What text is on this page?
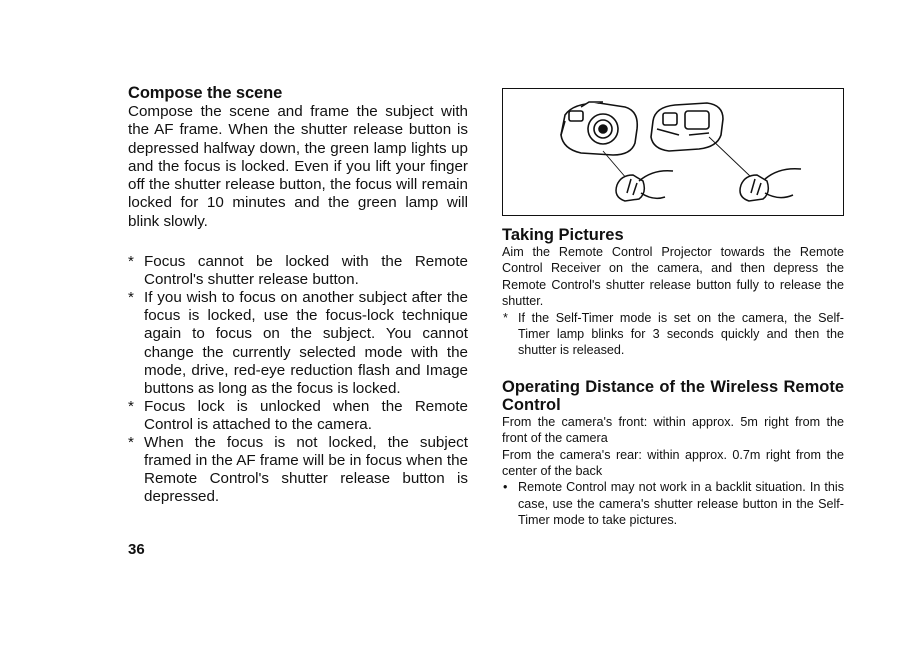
Compose the scene

Compose the scene and frame the subject with the AF frame. When the shutter release button is depressed halfway down, the green lamp lights up and the focus is locked. Even if you lift your finger off the shutter release button, the focus will remain locked for 10 minutes and the green lamp will blink slowly.

* Focus cannot be locked with the Remote Control's shutter release button.
* If you wish to focus on another subject after the focus is locked, use the focus-lock technique again to focus on the subject. You cannot change the currently selected mode with the mode, drive, red-eye reduction flash and Image buttons as long as the focus is locked.
* Focus lock is unlocked when the Remote Control is attached to the camera.
* When the focus is not locked, the subject framed in the AF frame will be in focus when the Remote Control's shutter release button is depressed.
36
Taking Pictures

Aim the Remote Control Projector towards the Remote Control Receiver on the camera, and then depress the Remote Control's shutter release button fully to release the shutter.

* If the Self-Timer mode is set on the camera, the Self-Timer lamp blinks for 3 seconds quickly and then the shutter is released.
Operating Distance of the Wireless Remote Control

From the camera's front: within approx. 5m right from the front of the camera

From the camera's rear: within approx. 0.7m right from the center of the back

• Remote Control may not work in a backlit situation. In this case, use the camera's shutter release button in the Self-Timer mode to take pictures.
